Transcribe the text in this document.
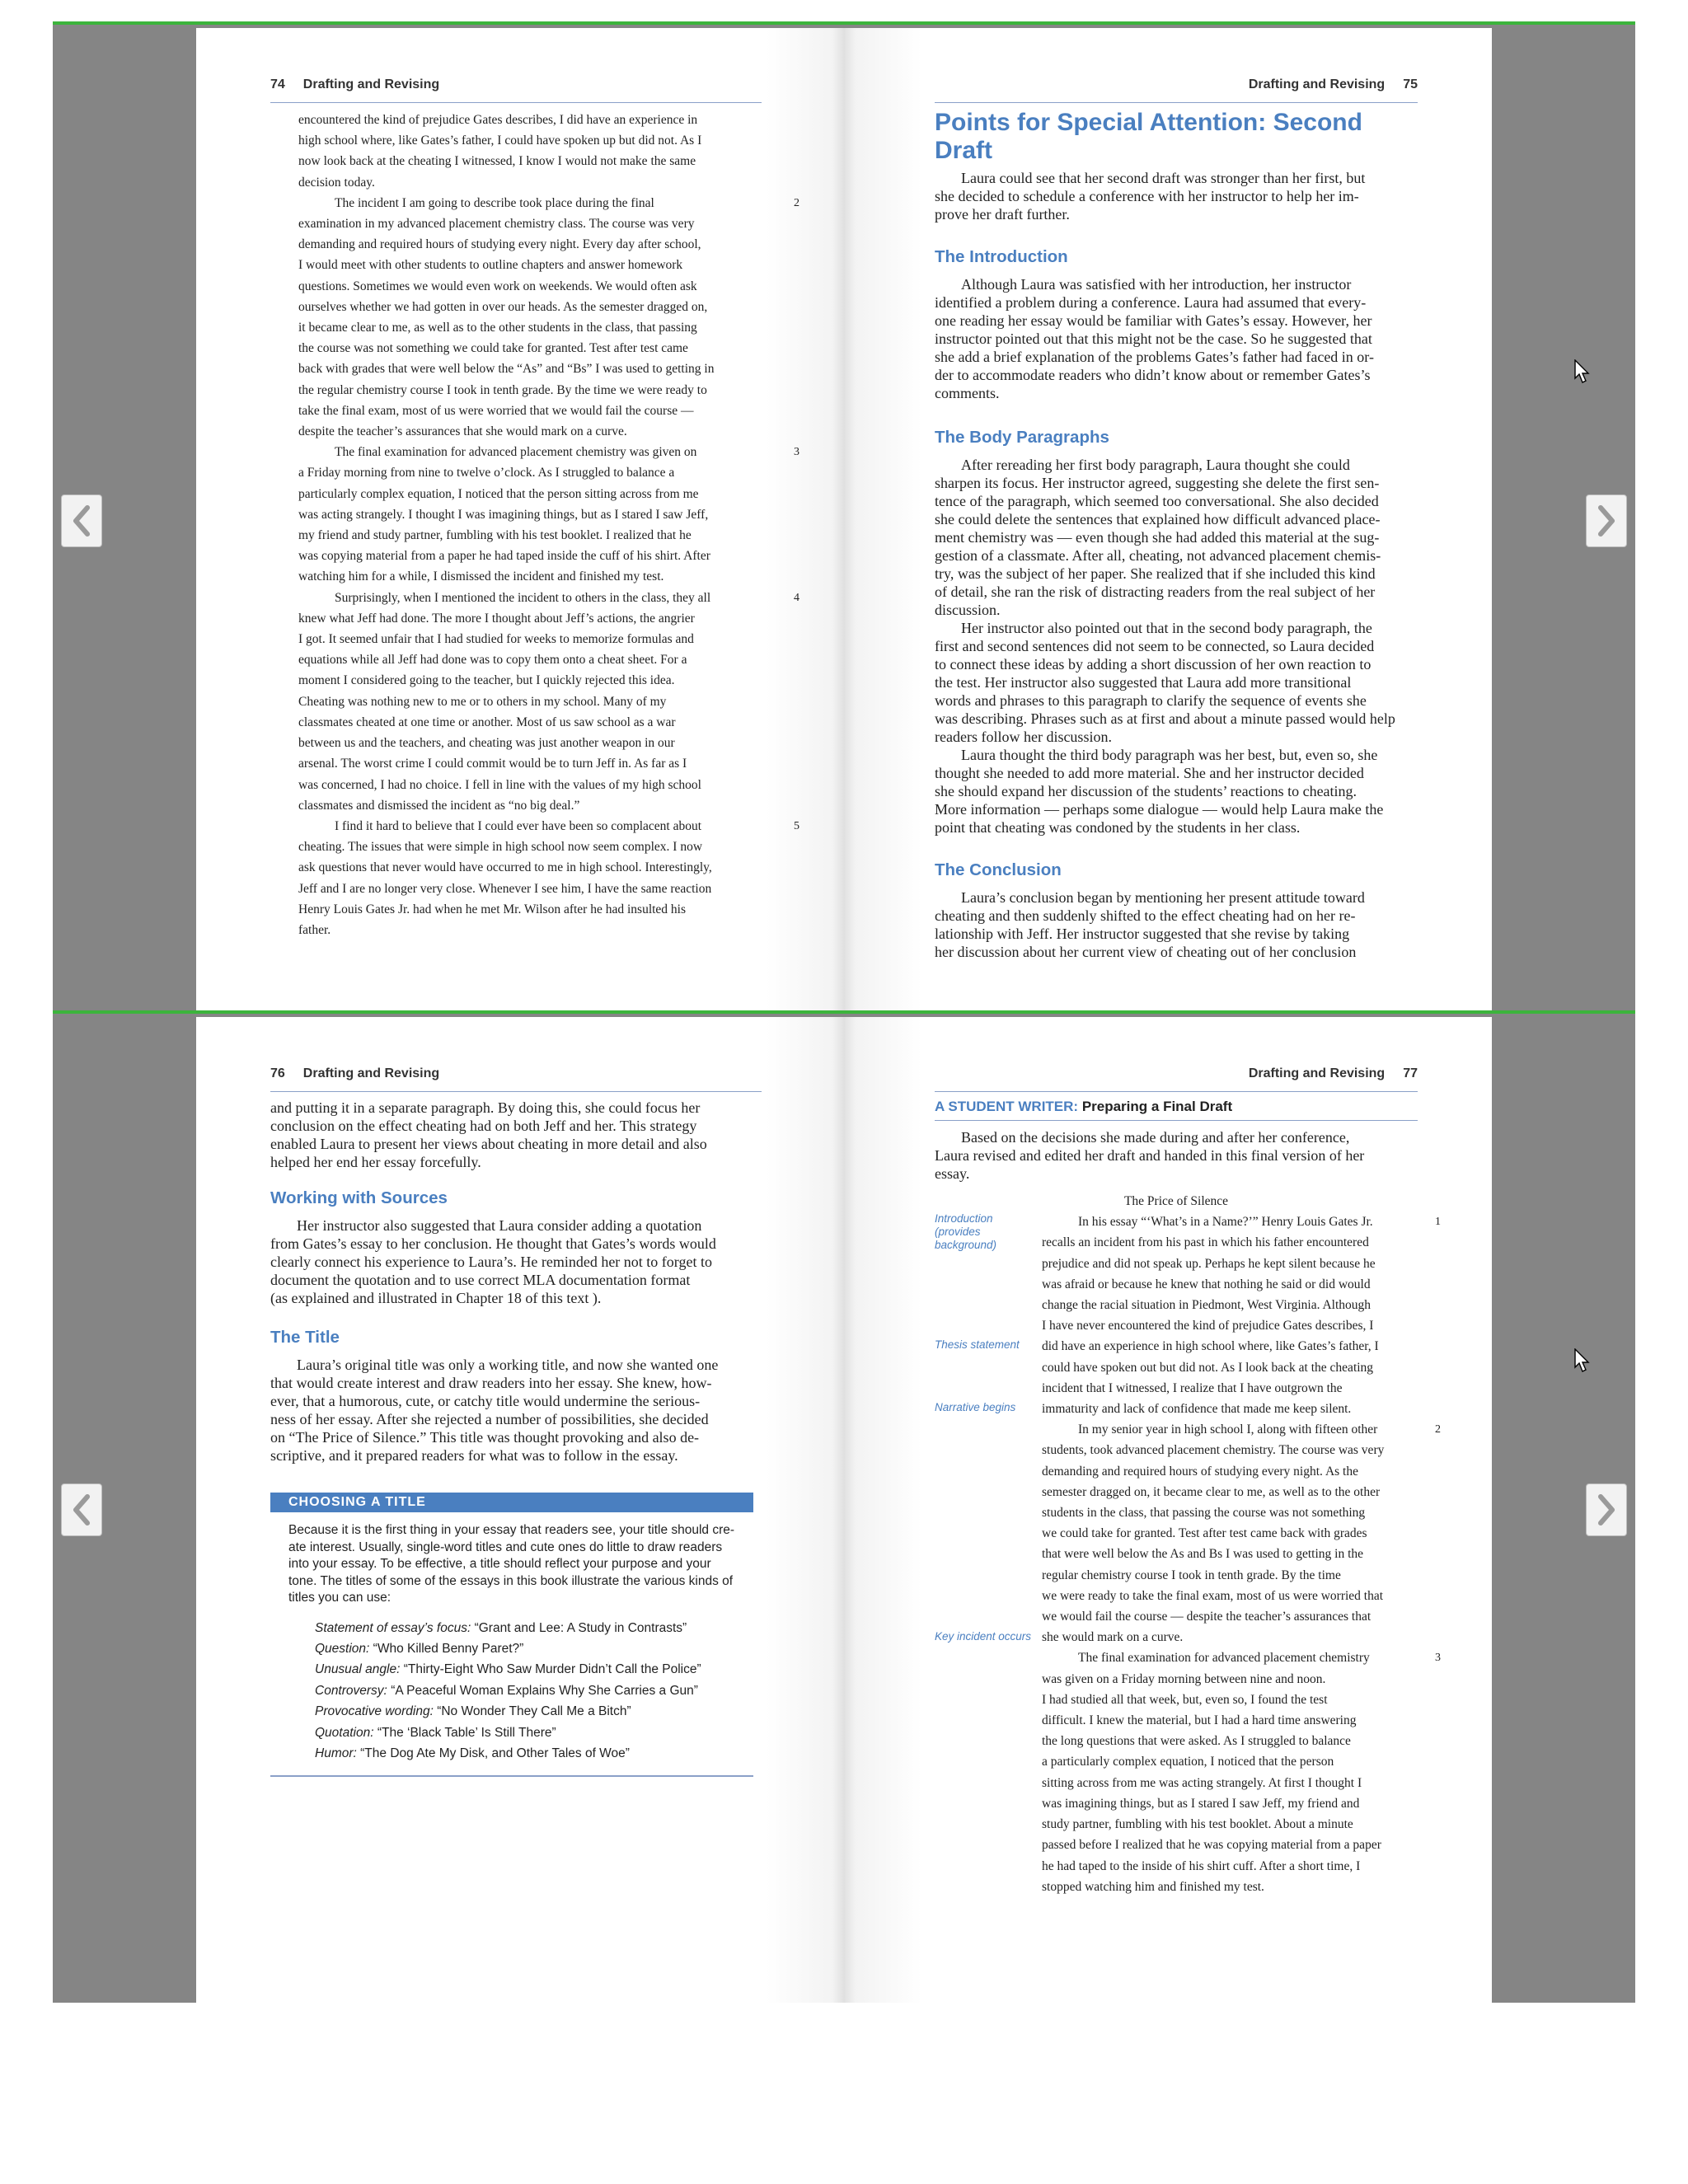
74 Drafting and Revising

encountered the kind of prejudice Gates describes, I did have an experience in

high school where, like Gates’s father, I could have spoken up but did not. As I

now look back at the cheating I witnessed, I know I would not make the same

decision today.

2

The incident I am going to describe took place during the final

examination in my advanced placement chemistry class. The course was very

demanding and required hours of studying every night. Every day after school,

I would meet with other students to outline chapters and answer homework

questions. Sometimes we would even work on weekends. We would often ask

ourselves whether we had gotten in over our heads. As the semester dragged on,

it became clear to me, as well as to the other students in the class, that passing

the course was not something we could take for granted. Test after test came

back with grades that were well below the “As” and “Bs” I was used to getting in

the regular chemistry course I took in tenth grade. By the time we were ready to

take the final exam, most of us were worried that we would fail the course —

despite the teacher’s assurances that she would mark on a curve.

3

The final examination for advanced placement chemistry was given on

a Friday morning from nine to twelve o’clock. As I struggled to balance a

particularly complex equation, I noticed that the person sitting across from me

was acting strangely. I thought I was imagining things, but as I stared I saw Jeff,

my friend and study partner, fumbling with his test booklet. I realized that he

was copying material from a paper he had taped inside the cuff of his shirt. After

watching him for a while, I dismissed the incident and finished my test.

4

Surprisingly, when I mentioned the incident to others in the class, they all

knew what Jeff had done. The more I thought about Jeff’s actions, the angrier

I got. It seemed unfair that I had studied for weeks to memorize formulas and

equations while all Jeff had done was to copy them onto a cheat sheet. For a

moment I considered going to the teacher, but I quickly rejected this idea.

Cheating was nothing new to me or to others in my school. Many of my

classmates cheated at one time or another. Most of us saw school as a war

between us and the teachers, and cheating was just another weapon in our

arsenal. The worst crime I could commit would be to turn Jeff in. As far as I

was concerned, I had no choice. I fell in line with the values of my high school

classmates and dismissed the incident as “no big deal.”

5

I find it hard to believe that I could ever have been so complacent about

cheating. The issues that were simple in high school now seem complex. I now

ask questions that never would have occurred to me in high school. Interestingly,

Jeff and I are no longer very close. Whenever I see him, I have the same reaction

Henry Louis Gates Jr. had when he met Mr. Wilson after he had insulted his

father.

Drafting and Revising 75
Points for Special Attention: Second Draft

Laura could see that her second draft was stronger than her first, but

she decided to schedule a conference with her instructor to help her im-

prove her draft further.

The Introduction

Although Laura was satisfied with her introduction, her instructor

identified a problem during a conference. Laura had assumed that every-

one reading her essay would be familiar with Gates’s essay. However, her

instructor pointed out that this might not be the case. So he suggested that

she add a brief explanation of the problems Gates’s father had faced in or-

der to accommodate readers who didn’t know about or remember Gates’s

comments.

The Body Paragraphs

After rereading her first body paragraph, Laura thought she could

sharpen its focus. Her instructor agreed, suggesting she delete the first sen-

tence of the paragraph, which seemed too conversational. She also decided

she could delete the sentences that explained how difficult advanced place-

ment chemistry was — even though she had added this material at the sug-

gestion of a classmate. After all, cheating, not advanced placement chemis-

try, was the subject of her paper. She realized that if she included this kind

of detail, she ran the risk of distracting readers from the real subject of her

discussion.

Her instructor also pointed out that in the second body paragraph, the

first and second sentences did not seem to be connected, so Laura decided

to connect these ideas by adding a short discussion of her own reaction to

the test. Her instructor also suggested that Laura add more transitional

words and phrases to this paragraph to clarify the sequence of events she

was describing. Phrases such as at first and about a minute passed would help

readers follow her discussion.

Laura thought the third body paragraph was her best, but, even so, she

thought she needed to add more material. She and her instructor decided

she should expand her discussion of the students’ reactions to cheating.

More information — perhaps some dialogue — would help Laura make the

point that cheating was condoned by the students in her class.

The Conclusion

Laura’s conclusion began by mentioning her present attitude toward

cheating and then suddenly shifted to the effect cheating had on her re-

lationship with Jeff. Her instructor suggested that she revise by taking

her discussion about her current view of cheating out of her conclusion

76 Drafting and Revising

and putting it in a separate paragraph. By doing this, she could focus her

conclusion on the effect cheating had on both Jeff and her. This strategy

enabled Laura to present her views about cheating in more detail and also

helped her end her essay forcefully.

Working with Sources

Her instructor also suggested that Laura consider adding a quotation

from Gates’s essay to her conclusion. He thought that Gates’s words would

clearly connect his experience to Laura’s. He reminded her not to forget to

document the quotation and to use correct MLA documentation format

(as explained and illustrated in Chapter 18 of this text ).

The Title

Laura’s original title was only a working title, and now she wanted one

that would create interest and draw readers into her essay. She knew, how-

ever, that a humorous, cute, or catchy title would undermine the serious-

ness of her essay. After she rejected a number of possibilities, she decided

on “The Price of Silence.” This title was thought provoking and also de-

scriptive, and it prepared readers for what was to follow in the essay.

CHOOSING A TITLE
Because it is the first thing in your essay that readers see, your title should cre-
ate interest. Usually, single-word titles and cute ones do little to draw readers
into your essay. To be effective, a title should reflect your purpose and your
tone. The titles of some of the essays in this book illustrate the various kinds of
titles you can use:
Statement of essay’s focus: “Grant and Lee: A Study in Contrasts”
Question: “Who Killed Benny Paret?”
Unusual angle: “Thirty-Eight Who Saw Murder Didn’t Call the Police”
Controversy: “A Peaceful Woman Explains Why She Carries a Gun”
Provocative wording: “No Wonder They Call Me a Bitch”
Quotation: “The ‘Black Table’ Is Still There”
Humor: “The Dog Ate My Disk, and Other Tales of Woe”
Drafting and Revising 77
A STUDENT WRITER: Preparing a Final Draft

Based on the decisions she made during and after her conference,

Laura revised and edited her draft and handed in this final version of her

essay.

The Price of Silence
Introduction (provides background)
Thesis statement
Narrative begins
Key incident occurs
1

In his essay “‘What’s in a Name?’” Henry Louis Gates Jr.

recalls an incident from his past in which his father encountered

prejudice and did not speak up. Perhaps he kept silent because he

was afraid or because he knew that nothing he said or did would

change the racial situation in Piedmont, West Virginia. Although

I have never encountered the kind of prejudice Gates describes, I

did have an experience in high school where, like Gates’s father, I

could have spoken out but did not. As I look back at the cheating

incident that I witnessed, I realize that I have outgrown the

immaturity and lack of confidence that made me keep silent.

2

In my senior year in high school I, along with fifteen other

students, took advanced placement chemistry. The course was very

demanding and required hours of studying every night. As the

semester dragged on, it became clear to me, as well as to the other

students in the class, that passing the course was not something

we could take for granted. Test after test came back with grades

that were well below the As and Bs I was used to getting in the

regular chemistry course I took in tenth grade. By the time

we were ready to take the final exam, most of us were worried that

we would fail the course — despite the teacher’s assurances that

she would mark on a curve.

3

The final examination for advanced placement chemistry

was given on a Friday morning between nine and noon.

I had studied all that week, but, even so, I found the test

difficult. I knew the material, but I had a hard time answering

the long questions that were asked. As I struggled to balance

a particularly complex equation, I noticed that the person

sitting across from me was acting strangely. At first I thought I

was imagining things, but as I stared I saw Jeff, my friend and

study partner, fumbling with his test booklet. About a minute

passed before I realized that he was copying material from a paper

he had taped to the inside of his shirt cuff. After a short time, I

stopped watching him and finished my test.
